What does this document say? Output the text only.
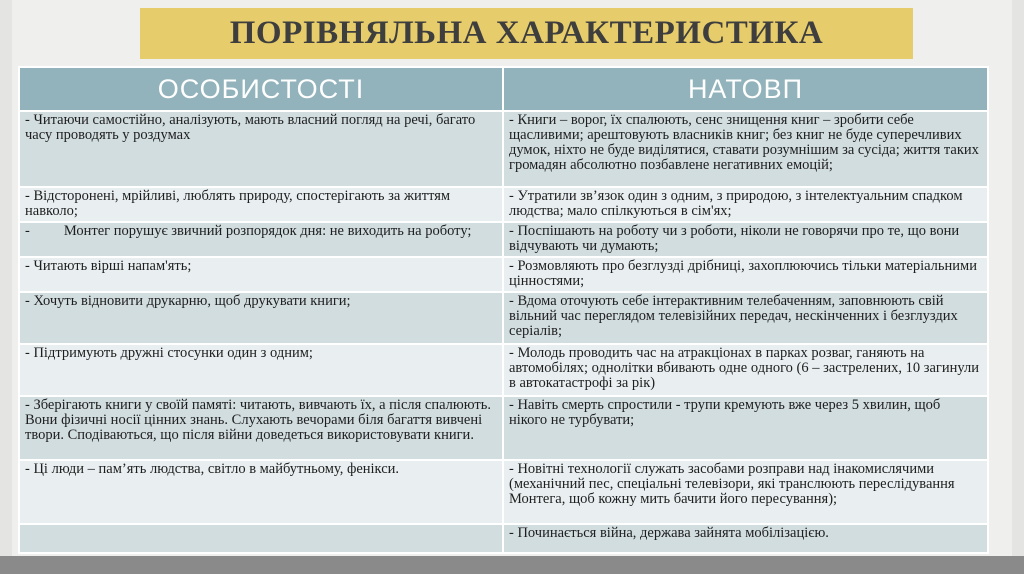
ПОРІВНЯЛЬНА ХАРАКТЕРИСТИКА
ОСОБИСТОСТІ	НАТОВП
- Читаючи самостійно, аналізують, мають власний погляд на речі, багато часу проводять у роздумах	- Книги – ворог, їх спалюють, сенс знищення книг – зробити себе щасливими; арештовують власників книг; без книг не буде суперечливих думок, ніхто не буде виділятися, ставати розумнішим за сусіда; життя таких громадян абсолютно позбавлене негативних емоцій;
- Відсторонені, мрійливі, люблять природу, спостерігають за життям навколо;	- Утратили зв’язок один з одним, з природою, з інтелектуальним спадком людства; мало спілкуються в сім'ях;
- Монтег порушує звичний розпорядок дня: не виходить на роботу;	- Поспішають на роботу чи з роботи, ніколи не говорячи про те, що вони відчувають чи думають;
- Читають вірші напам'ять;	- Розмовляють про безглузді дрібниці, захоплюючись тільки матеріальними цінностями;
- Хочуть відновити друкарню, щоб друкувати книги;	- Вдома оточують себе інтерактивним телебаченням, заповнюють свій вільний час переглядом телевізійних передач, нескінченних і безглуздих серіалів;
- Підтримують дружні стосунки один з одним;	- Молодь проводить час на атракціонах в парках розваг, ганяють на автомобілях; однолітки вбивають одне одного (6 – застрелених, 10 загинули в автокатастрофі за рік)
- Зберігають книги у своїй памяті: читають, вивчають їх, а після спалюють. Вони фізичні носії цінних знань. Слухають вечорами біля багаття вивчені твори. Сподіваються, що після війни доведеться використовувати книги.	- Навіть смерть спростили - трупи кремують вже через 5 хвилин, щоб нікого не турбувати;
- Ці люди – пам’ять людства, світло в майбутньому, фенікси.	- Новітні технології служать засобами розправи над інакомислячими (механічний пес, спеціальні телевізори, які транслюють переслідування Монтега, щоб кожну мить бачити його пересування);
	- Починається війна, держава зайнята мобілізацією.
